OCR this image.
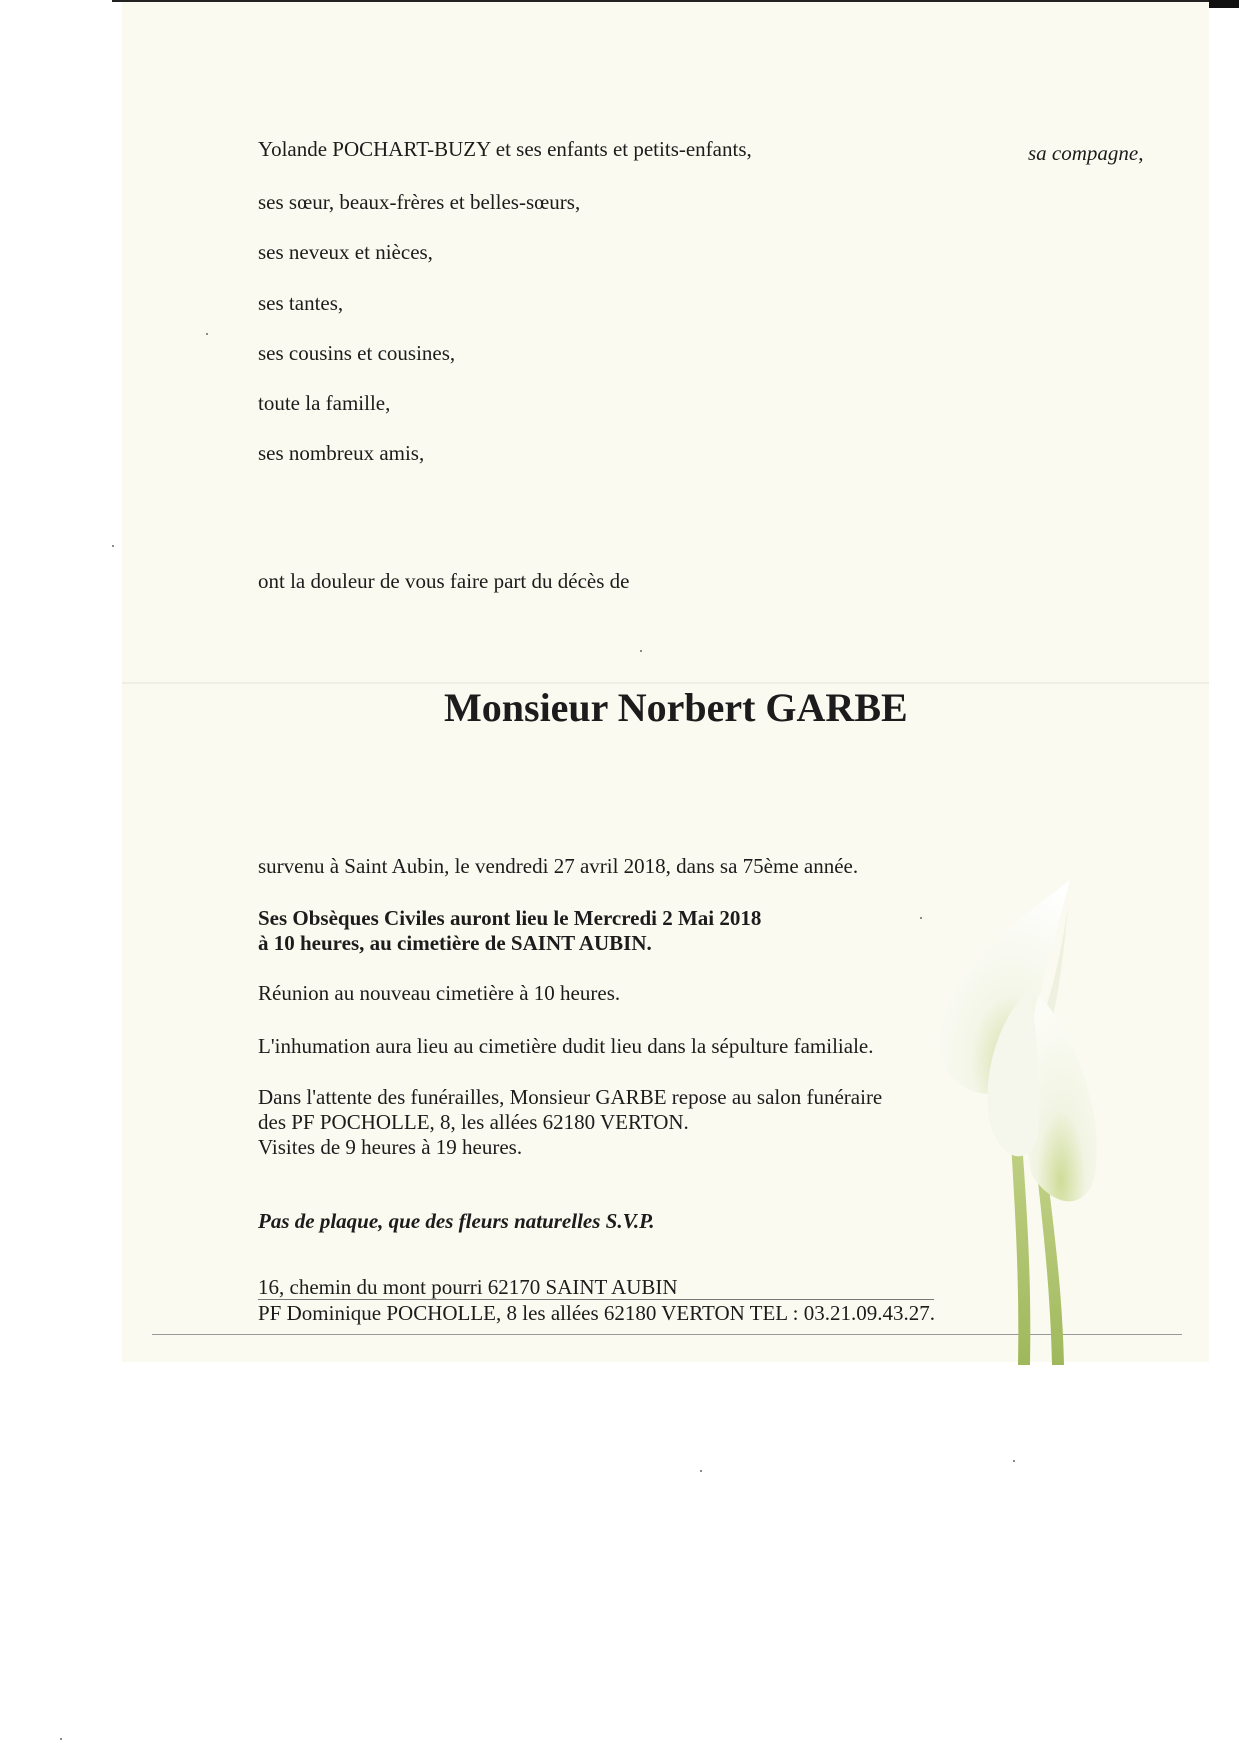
Yolande POCHART-BUZY et ses enfants et petits-enfants,	sa compagne,
ses sœur, beaux-frères et belles-sœurs,
ses neveux et nièces,
ses tantes,
ses cousins et cousines,
toute la famille,
ses nombreux amis,
ont la douleur de vous faire part du décès de
Monsieur Norbert GARBE
survenu à Saint Aubin, le vendredi 27 avril 2018, dans sa 75ème année.
Ses Obsèques Civiles auront lieu le Mercredi 2 Mai 2018
à 10 heures, au cimetière de SAINT AUBIN.
Réunion au nouveau cimetière à 10 heures.
L'inhumation aura lieu au cimetière dudit lieu dans la sépulture familiale.
Dans l'attente des funérailles, Monsieur GARBE repose au salon funéraire
des PF POCHOLLE, 8, les allées 62180 VERTON.
Visites de 9 heures à 19 heures.
Pas de plaque, que des fleurs naturelles S.V.P.
16, chemin du mont pourri 62170 SAINT AUBIN
PF Dominique POCHOLLE, 8 les allées 62180 VERTON TEL : 03.21.09.43.27.
